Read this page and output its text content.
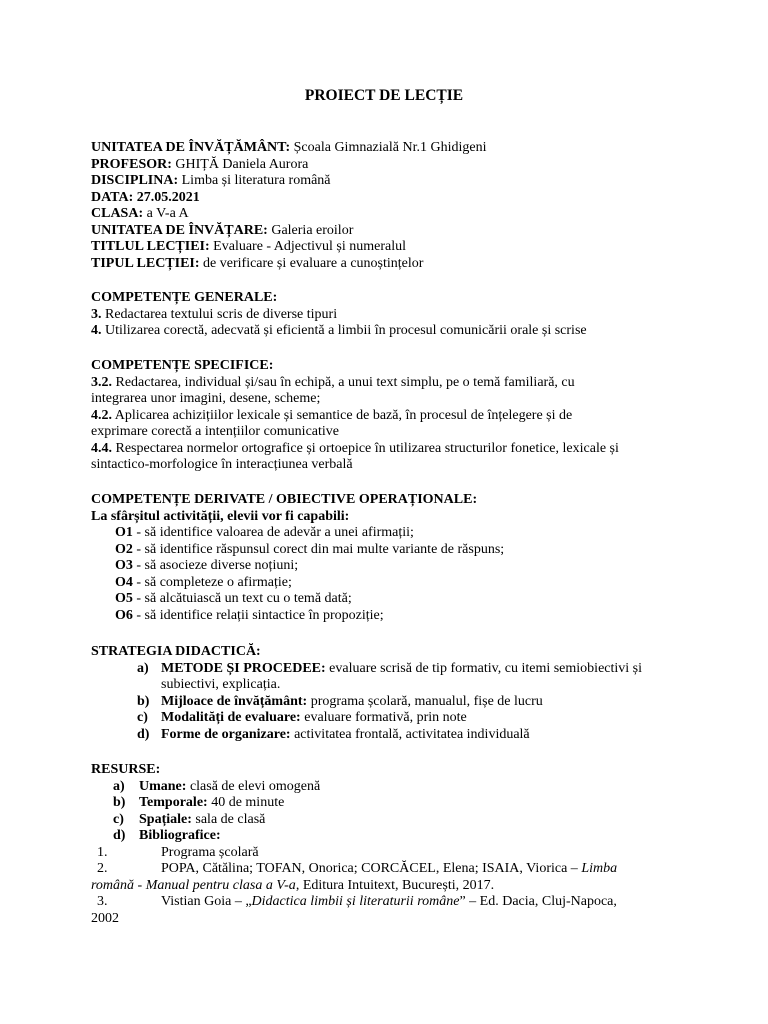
PROIECT DE LECȚIE
UNITATEA DE ÎNVĂȚĂMÂNT: Școala Gimnazială Nr.1 Ghidigeni
PROFESOR: GHIȚĂ Daniela Aurora
DISCIPLINA: Limba și literatura română
DATA: 27.05.2021
CLASA: a V-a A
UNITATEA DE ÎNVĂȚARE: Galeria eroilor
TITLUL LECȚIEI: Evaluare - Adjectivul și numeralul
TIPUL LECȚIEI: de verificare și evaluare a cunoștințelor
COMPETENȚE GENERALE:
3. Redactarea textului scris de diverse tipuri
4. Utilizarea corectă, adecvată și eficientă a limbii în procesul comunicării orale și scrise
COMPETENȚE SPECIFICE:
3.2. Redactarea, individual și/sau în echipă, a unui text simplu, pe o temă familiară, cu
integrarea unor imagini, desene, scheme;
4.2. Aplicarea achizițiilor lexicale și semantice de bază, în procesul de înțelegere și de
exprimare corectă a intențiilor comunicative
4.4. Respectarea normelor ortografice și ortoepice în utilizarea structurilor fonetice, lexicale și
sintactico-morfologice în interacțiunea verbală
COMPETENȚE DERIVATE / OBIECTIVE OPERAȚIONALE:
La sfârșitul activității, elevii vor fi capabili:
O1 - să identifice valoarea de adevăr a unei afirmații;
O2 - să identifice răspunsul corect din mai multe variante de răspuns;
O3 - să asocieze diverse noțiuni;
O4 - să completeze o afirmație;
O5 - să alcătuiască un text cu o temă dată;
O6 - să identifice relații sintactice în propoziție;
STRATEGIA DIDACTICĂ:
a) METODE ȘI PROCEDEE: evaluare scrisă de tip formativ, cu itemi semiobiectivi și
subiectivi, explicația.
b) Mijloace de învățământ: programa școlară, manualul, fișe de lucru
c) Modalități de evaluare: evaluare formativă, prin note
d) Forme de organizare: activitatea frontală, activitatea individuală
RESURSE:
a)	Umane: clasă de elevi omogenă
b) Temporale: 40 de minute
c)	Spațiale: sala de clasă
d) Bibliografice:
1.	Programa școlară
2.	POPA, Cătălina; TOFAN, Onorica; CORCĂCEL, Elena; ISAIA, Viorica – Limba
română - Manual pentru clasa a V-a, Editura Intuitext, București, 2017.
3.	Vistian Goia – „Didactica limbii și literaturii române” – Ed. Dacia, Cluj-Napoca,
2002
